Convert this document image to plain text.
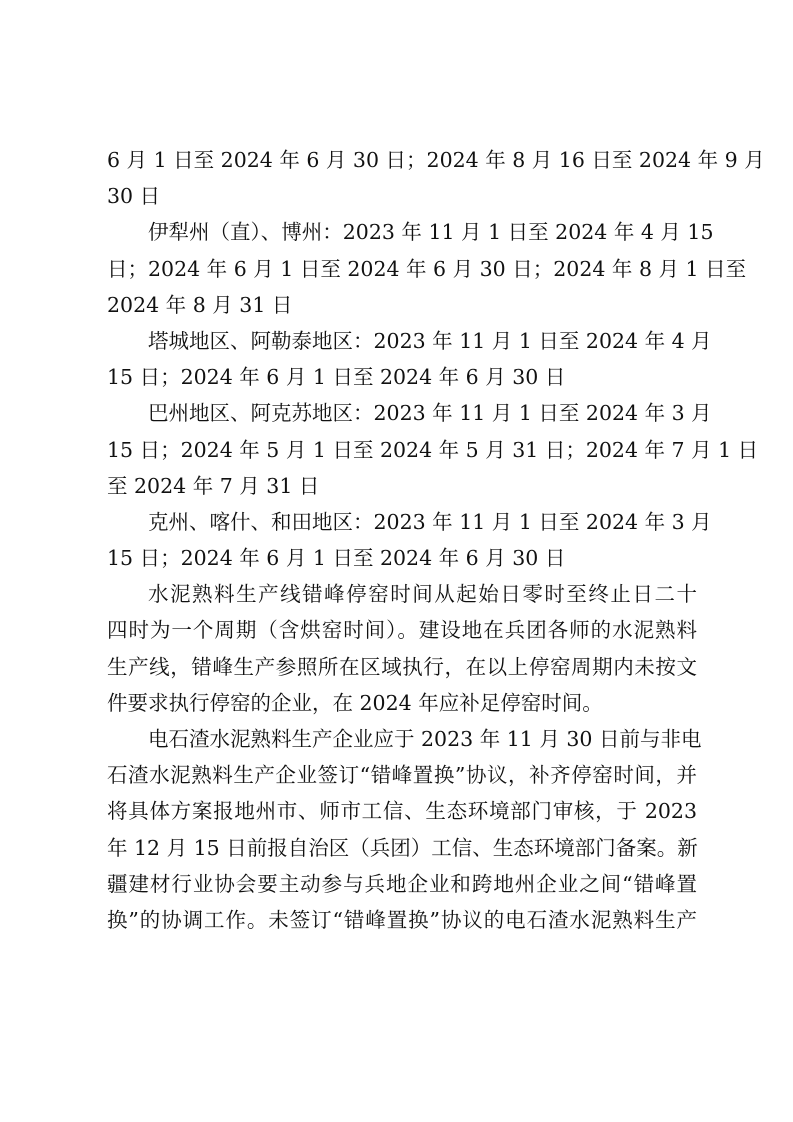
6 月 1 日至 2024 年 6 月 30 日；2024 年 8 月 16 日至 2024 年 9 月
30 日
伊犁州（直）、博州：2023 年 11 月 1 日至 2024 年 4 月 15
日；2024 年 6 月 1 日至 2024 年 6 月 30 日；2024 年 8 月 1 日至
2024 年 8 月 31 日
塔城地区、阿勒泰地区：2023 年 11 月 1 日至 2024 年 4 月
15 日；2024 年 6 月 1 日至 2024 年 6 月 30 日
巴州地区、阿克苏地区：2023 年 11 月 1 日至 2024 年 3 月
15 日；2024 年 5 月 1 日至 2024 年 5 月 31 日；2024 年 7 月 1 日
至 2024 年 7 月 31 日
克州、喀什、和田地区：2023 年 11 月 1 日至 2024 年 3 月
15 日；2024 年 6 月 1 日至 2024 年 6 月 30 日
水泥熟料生产线错峰停窑时间从起始日零时至终止日二十
四时为一个周期（含烘窑时间）。建设地在兵团各师的水泥熟料
生产线，错峰生产参照所在区域执行，在以上停窑周期内未按文
件要求执行停窑的企业，在 2024 年应补足停窑时间。
电石渣水泥熟料生产企业应于 2023 年 11 月 30 日前与非电
石渣水泥熟料生产企业签订“错峰置换”协议，补齐停窑时间，并
将具体方案报地州市、师市工信、生态环境部门审核，于 2023
年 12 月 15 日前报自治区（兵团）工信、生态环境部门备案。新
疆建材行业协会要主动参与兵地企业和跨地州企业之间“错峰置
换”的协调工作。未签订“错峰置换”协议的电石渣水泥熟料生产
